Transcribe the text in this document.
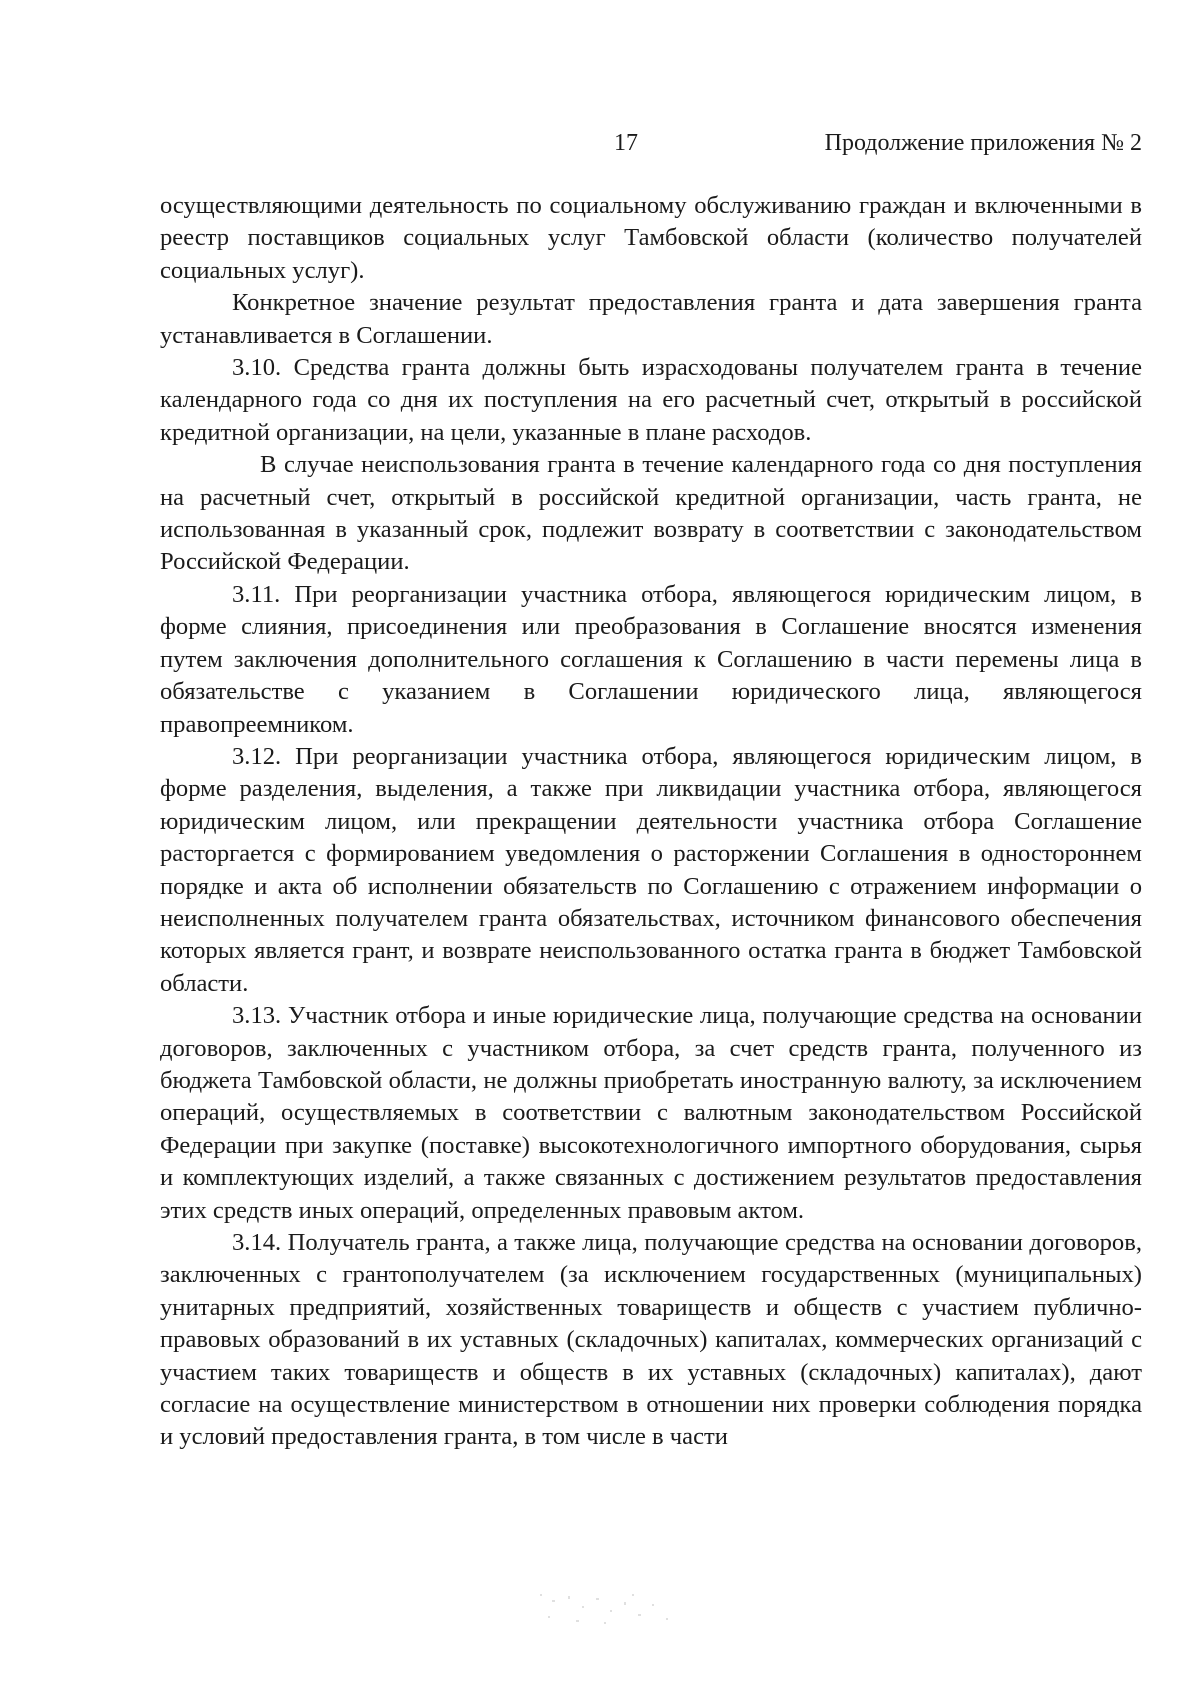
17	Продолжение приложения № 2

осуществляющими деятельность по социальному обслуживанию граждан и включенными в реестр поставщиков социальных услуг Тамбовской области (количество получателей социальных услуг).

Конкретное значение результат предоставления гранта и дата завершения гранта устанавливается в Соглашении.

3.10. Средства гранта должны быть израсходованы получателем гранта в течение календарного года со дня их поступления на его расчетный счет, открытый в российской кредитной организации, на цели, указанные в плане расходов.

В случае неиспользования гранта в течение календарного года со дня поступления на расчетный счет, открытый в российской кредитной организации, часть гранта, не использованная в указанный срок, подлежит возврату в соответствии с законодательством Российской Федерации.

3.11. При реорганизации участника отбора, являющегося юридическим лицом, в форме слияния, присоединения или преобразования в Соглашение вносятся изменения путем заключения дополнительного соглашения к Соглашению в части перемены лица в обязательстве с указанием в Соглашении юридического лица, являющегося правопреемником.

3.12. При реорганизации участника отбора, являющегося юридическим лицом, в форме разделения, выделения, а также при ликвидации участника отбора, являющегося юридическим лицом, или прекращении деятельности участника отбора Соглашение расторгается с формированием уведомления о расторжении Соглашения в одностороннем порядке и акта об исполнении обязательств по Соглашению с отражением информации о неисполненных получателем гранта обязательствах, источником финансового обеспечения которых является грант, и возврате неиспользованного остатка гранта в бюджет Тамбовской области.

3.13. Участник отбора и иные юридические лица, получающие средства на основании договоров, заключенных с участником отбора, за счет средств гранта, полученного из бюджета Тамбовской области, не должны приобретать иностранную валюту, за исключением операций, осуществляемых в соответствии с валютным законодательством Российской Федерации при закупке (поставке) высокотехнологичного импортного оборудования, сырья и комплектующих изделий, а также связанных с достижением результатов предоставления этих средств иных операций, определенных правовым актом.

3.14. Получатель гранта, а также лица, получающие средства на основании договоров, заключенных с грантополучателем (за исключением государственных (муниципальных) унитарных предприятий, хозяйственных товариществ и обществ с участием публично-правовых образований в их уставных (складочных) капиталах, коммерческих организаций с участием таких товариществ и обществ в их уставных (складочных) капиталах), дают согласие на осуществление министерством в отношении них проверки соблюдения порядка и условий предоставления гранта, в том числе в части
